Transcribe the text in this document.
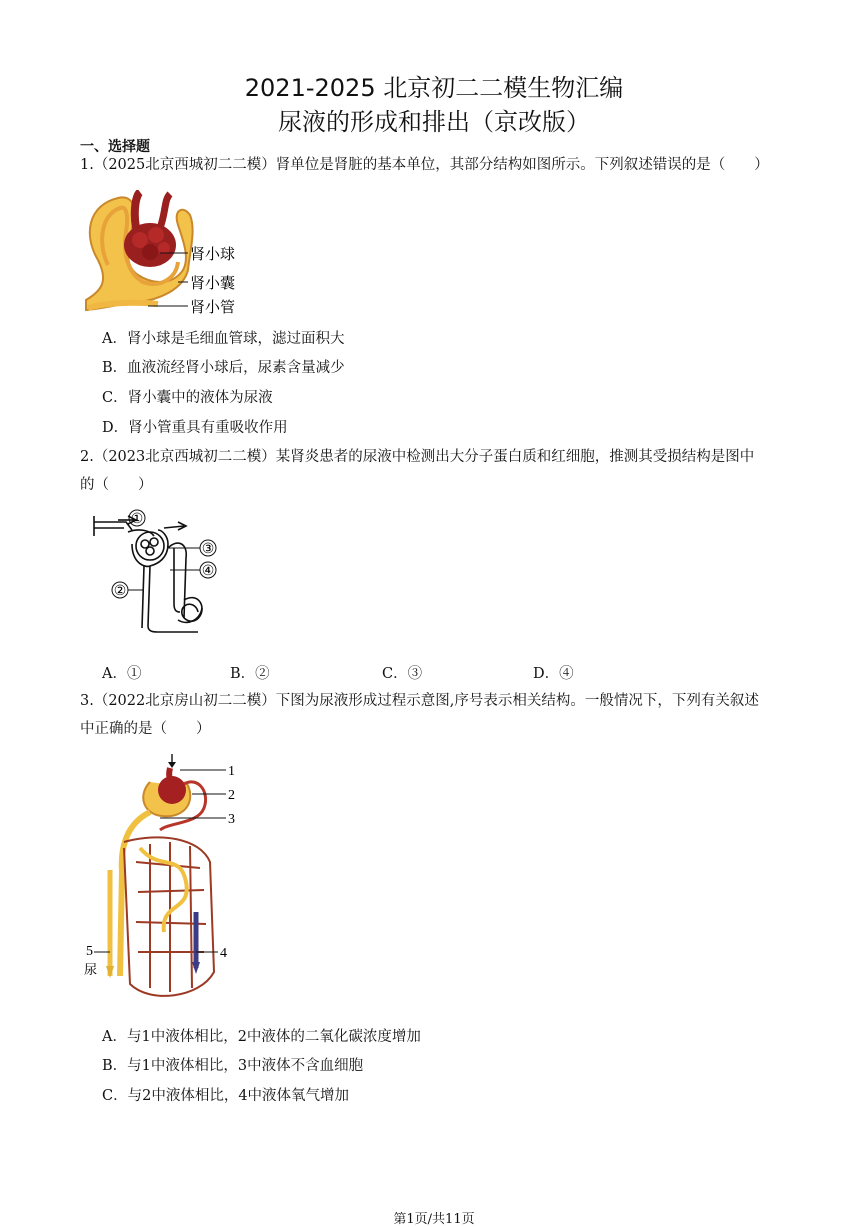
2021-2025 北京初二二模生物汇编
尿液的形成和排出（京改版）
一、选择题
1.（2025北京西城初二二模）肾单位是肾脏的基本单位，其部分结构如图所示。下列叙述错误的是（　　）
肾小球
肾小囊
肾小管
A．肾小球是毛细血管球，滤过面积大
B．血液流经肾小球后，尿素含量减少
C．肾小囊中的液体为尿液
D．肾小管重具有重吸收作用
2.（2023北京西城初二二模）某肾炎患者的尿液中检测出大分子蛋白质和红细胞，推测其受损结构是图中
的（　　）
①
③
④
②
A．①	B．②	C．③	D．④
3.（2022北京房山初二二模）下图为尿液形成过程示意图,序号表示相关结构。一般情况下，下列有关叙述
中正确的是（　　）
1
2
3
4
5
尿
A．与1中液体相比，2中液体的二氧化碳浓度增加
B．与1中液体相比，3中液体不含血细胞
C．与2中液体相比，4中液体氧气增加
第1页/共11页
